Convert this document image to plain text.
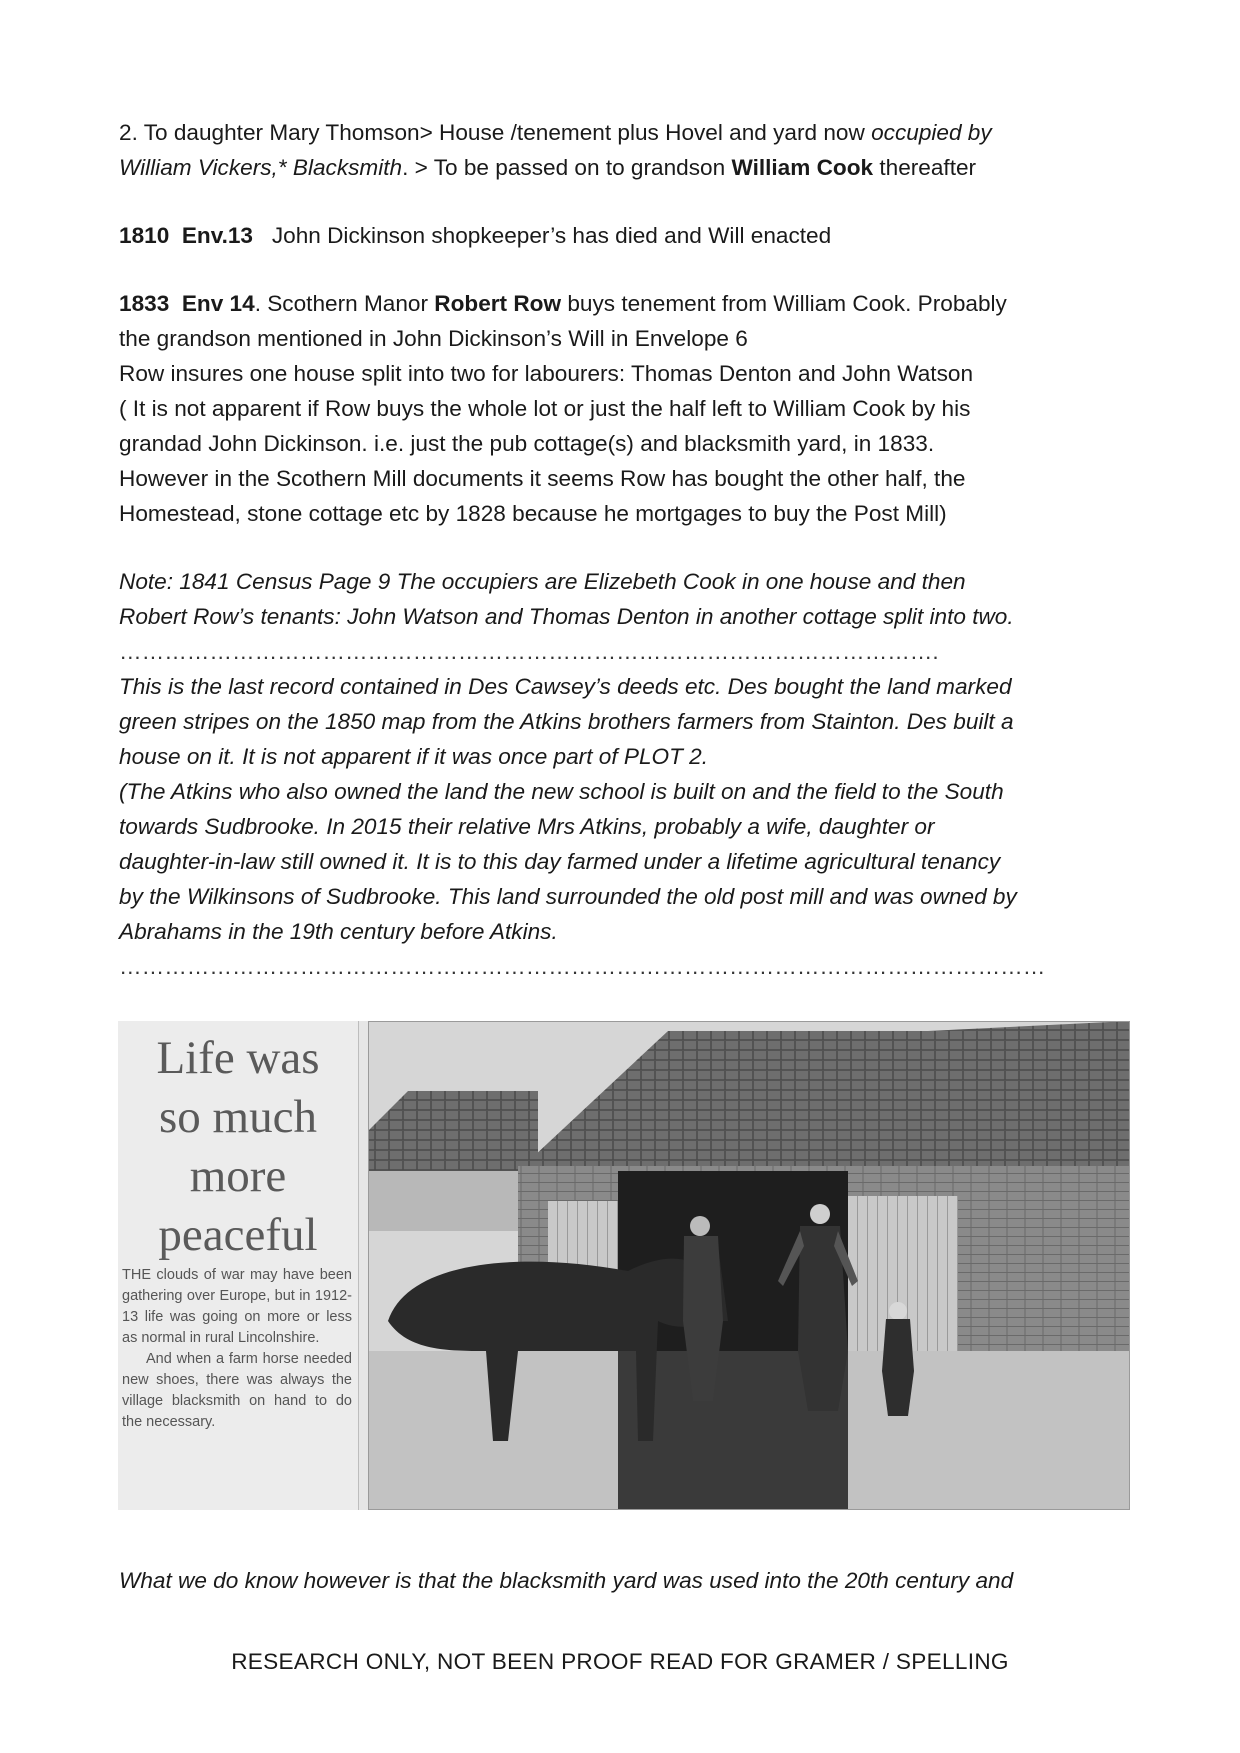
2. To daughter Mary Thomson> House /tenement plus Hovel and yard now occupied by
William Vickers,* Blacksmith. > To be passed on to grandson William Cook thereafter
1810 Env.13 John Dickinson shopkeeper’s has died and Will enacted
1833 Env 14. Scothern Manor Robert Row buys tenement from William Cook. Probably
the grandson mentioned in John Dickinson’s Will in Envelope 6
Row insures one house split into two for labourers: Thomas Denton and John Watson
( It is not apparent if Row buys the whole lot or just the half left to William Cook by his
grandad John Dickinson. i.e. just the pub cottage(s) and blacksmith yard, in 1833.
However in the Scothern Mill documents it seems Row has bought the other half, the
Homestead, stone cottage etc by 1828 because he mortgages to buy the Post Mill)
Note: 1841 Census Page 9 The occupiers are Elizebeth Cook in one house and then
Robert Row’s tenants: John Watson and Thomas Denton in another cottage split into two.
……………………………………………………………………………………………….
This is the last record contained in Des Cawsey’s deeds etc. Des bought the land marked
green stripes on the 1850 map from the Atkins brothers farmers from Stainton. Des built a
house on it. It is not apparent if it was once part of PLOT 2.
(The Atkins who also owned the land the new school is built on and the field to the South
towards Sudbrooke. In 2015 their relative Mrs Atkins, probably a wife, daughter or
daughter-in-law still owned it. It is to this day farmed under a lifetime agricultural tenancy
by the Wilkinsons of Sudbrooke. This land surrounded the old post mill and was owned by
Abrahams in the 19th century before Atkins.
……………………………………………………………………………………………………………
Life was
so much
more
peaceful

THE clouds of war may have been gathering over Europe, but in 1912-13 life was going on more or less as normal in rural Lincolnshire.

And when a farm horse needed new shoes, there was always the village blacksmith on hand to do the necessary.

What we do know however is that the blacksmith yard was used into the 20th century and
RESEARCH ONLY, NOT BEEN PROOF READ FOR GRAMER / SPELLING
